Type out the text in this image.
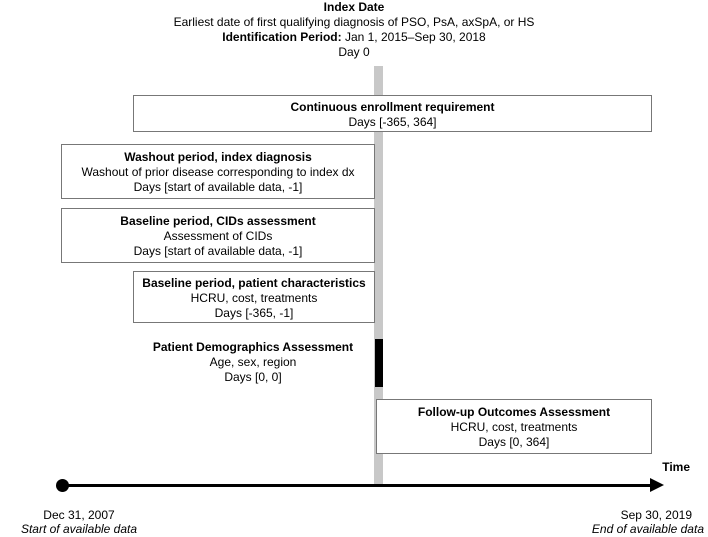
Index Date
Earliest date of first qualifying diagnosis of PSO, PsA, axSpA, or HS
Identification Period: Jan 1, 2015–Sep 30, 2018
Day 0
Continuous enrollment requirement
Days [-365, 364]
Washout period, index diagnosis
Washout of prior disease corresponding to index dx
Days [start of available data, -1]
Baseline period, CIDs assessment
Assessment of CIDs
Days [start of available data, -1]
Baseline period, patient characteristics
HCRU, cost, treatments
Days [-365, -1]
Patient Demographics Assessment
Age, sex, region
Days [0, 0]
Follow-up Outcomes Assessment
HCRU, cost, treatments
Days [0, 364]
Time
Dec 31, 2007
Start of available data
Sep 30, 2019
End of available data
